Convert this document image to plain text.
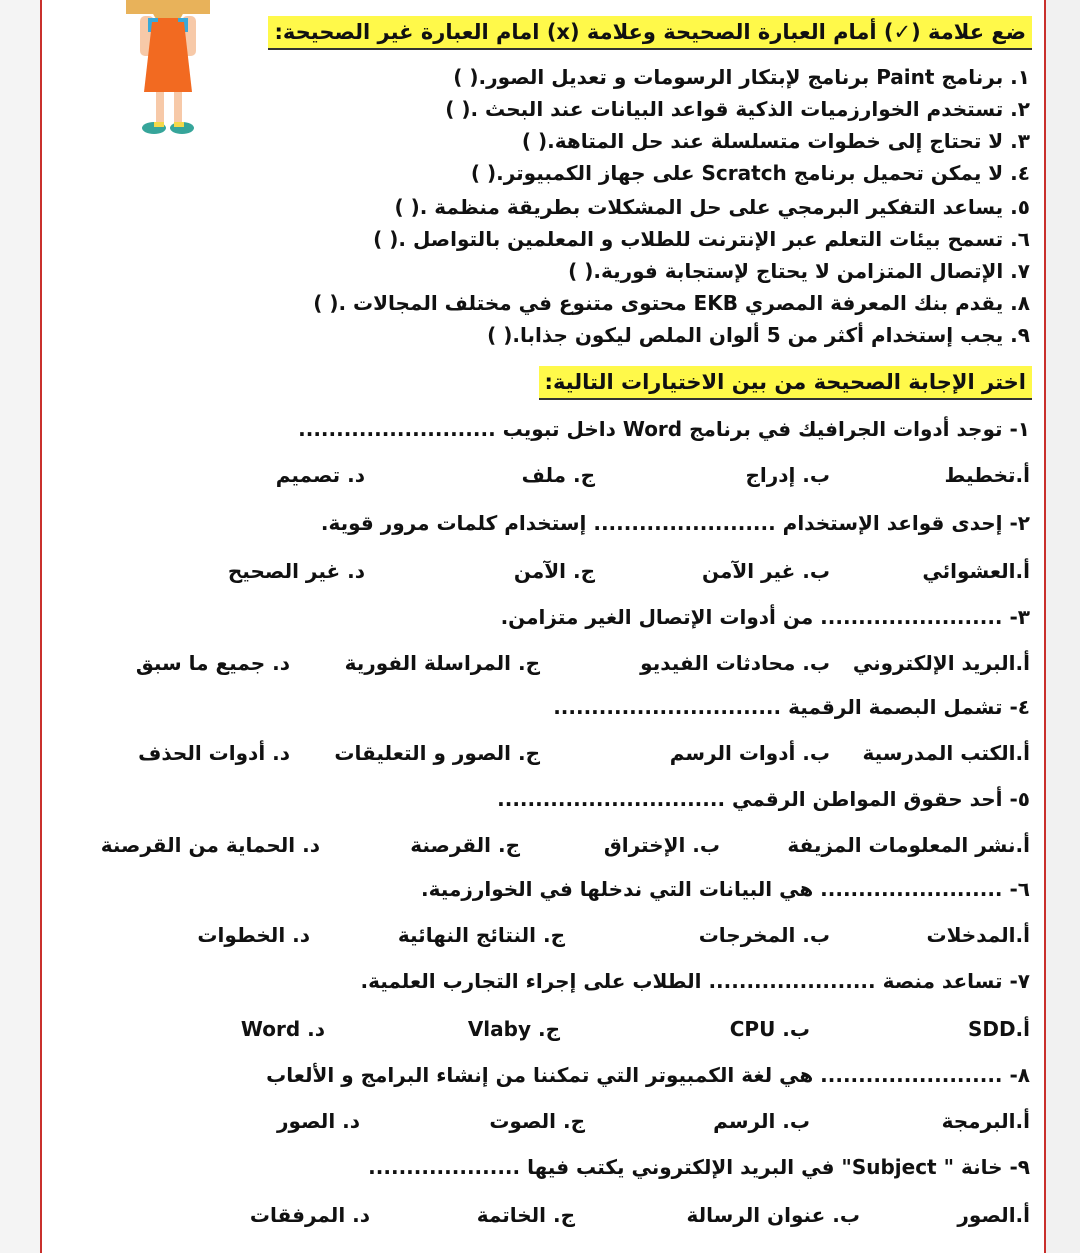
ضع علامة (✓) أمام العبارة الصحيحة وعلامة (x) امام العبارة غير الصحيحة:
١. برنامج Paint برنامج لإبتكار الرسومات و تعديل الصور.( )
٢. تستخدم الخوارزميات الذكية قواعد البيانات عند البحث .( )
٣. لا تحتاج إلى خطوات متسلسلة عند حل المتاهة.( )
٤. لا يمكن تحميل برنامج Scratch على جهاز الكمبيوتر.( )
٥. يساعد التفكير البرمجي على حل المشكلات بطريقة منظمة .( )
٦. تسمح بيئات التعلم عبر الإنترنت للطلاب و المعلمين بالتواصل .( )
٧. الإتصال المتزامن لا يحتاج لإستجابة فورية.( )
٨. يقدم بنك المعرفة المصري EKB محتوى متنوع في مختلف المجالات .( )
٩. يجب إستخدام أكثر من 5 ألوان الملص ليكون جذابا.( )
اختر الإجابة الصحيحة من بين الاختيارات التالية:
١- توجد أدوات الجرافيك في برنامج Word داخل تبويب ..........................
أ.تخطيط
ب. إدراج
ج. ملف
د. تصميم
٢- إحدى قواعد الإستخدام ........................ إستخدام كلمات مرور قوية.
أ.العشوائي
ب. غير الآمن
ج. الآمن
د. غير الصحيح
٣- ........................ من أدوات الإتصال الغير متزامن.
أ.البريد الإلكتروني
ب. محادثات الفيديو
ج. المراسلة الفورية
د. جميع ما سبق
٤- تشمل البصمة الرقمية ..............................
أ.الكتب المدرسية
ب. أدوات الرسم
ج. الصور و التعليقات
د. أدوات الحذف
٥- أحد حقوق المواطن الرقمي ..............................
أ.نشر المعلومات المزيفة
ب. الإختراق
ج. القرصنة
د. الحماية من القرصنة
٦- ........................ هي البيانات التي ندخلها في الخوارزمية.
أ.المدخلات
ب. المخرجات
ج. النتائج النهائية
د. الخطوات
٧- تساعد منصة ...................... الطلاب على إجراء التجارب العلمية.
أ.SDD
ب. CPU
ج. Vlaby
د. Word
٨- ........................ هي لغة الكمبيوتر التي تمكننا من إنشاء البرامج و الألعاب
أ.البرمجة
ب. الرسم
ج. الصوت
د. الصور
٩- خانة " Subject" في البريد الإلكتروني يكتب فيها ....................
أ.الصور
ب. عنوان الرسالة
ج. الخاتمة
د. المرفقات
